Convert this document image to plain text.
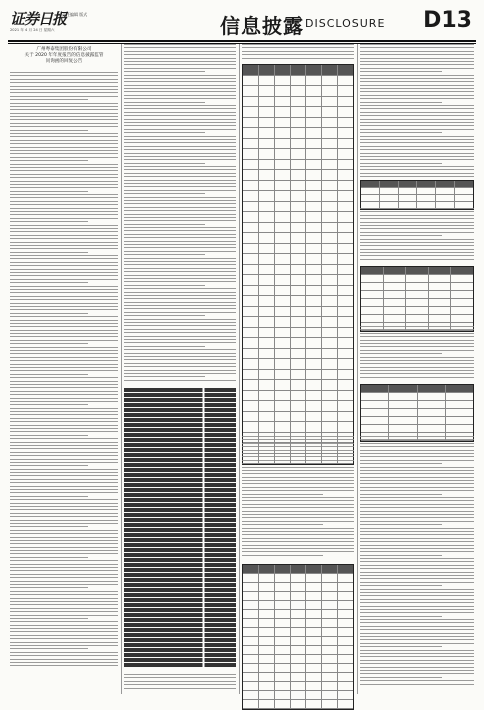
证券日报
责任编辑 版式
2021 年 4 月 24 日 星期六	信息披露 DISCLOSURE D13
广州粤泰集团股份有限公司
关于 2020 年年度报告的信息披露监管
问询函的回复公告
